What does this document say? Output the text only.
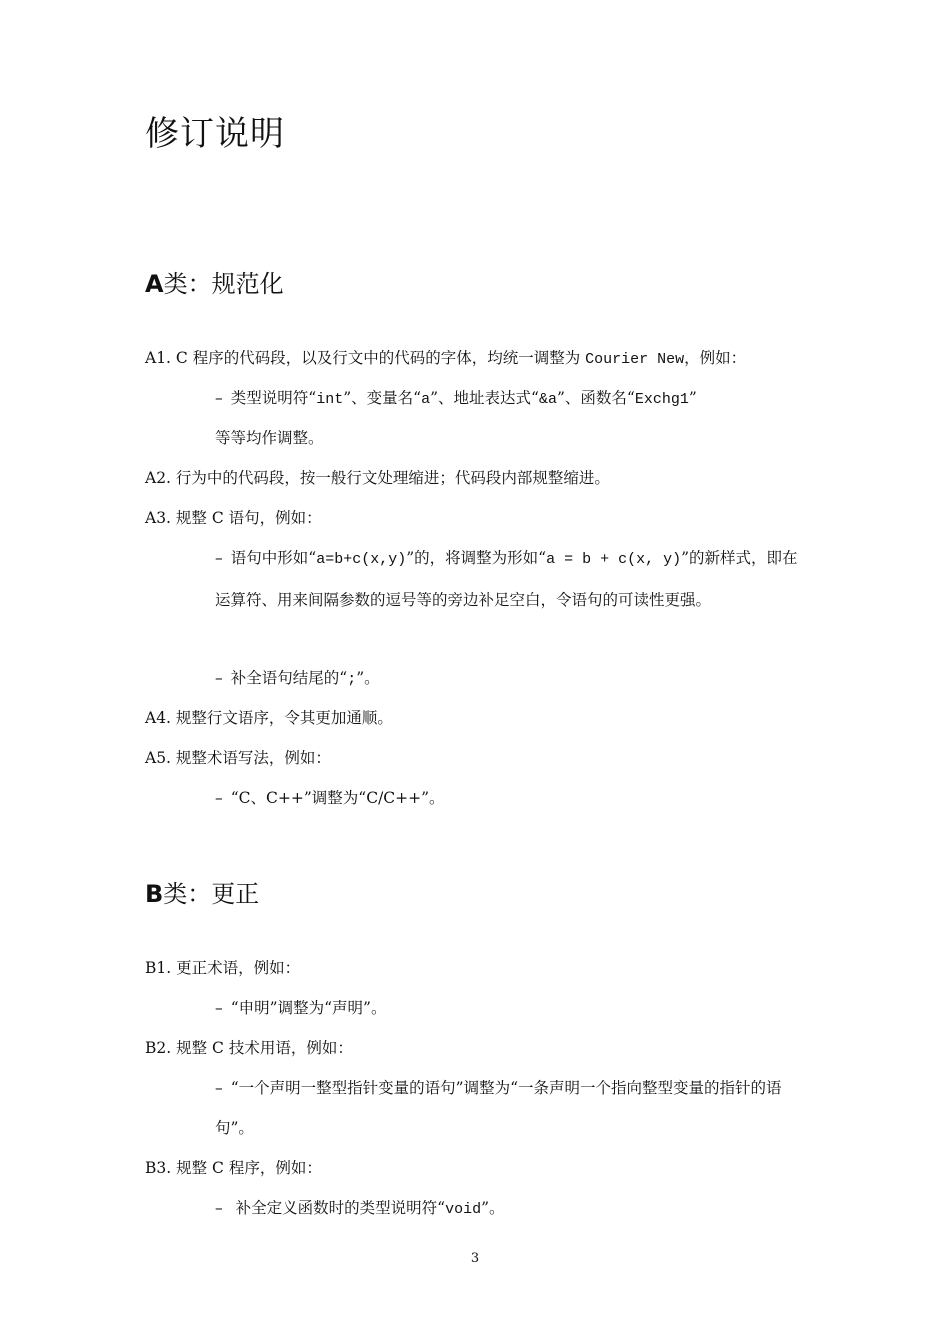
修订说明
A类：规范化

A1. C 程序的代码段，以及行文中的代码的字体，均统一调整为 Courier New，例如：

– 类型说明符“int”、变量名“a”、地址表达式“&a”、函数名“Exchg1”

等等均作调整。

A2. 行为中的代码段，按一般行文处理缩进；代码段内部规整缩进。

A3. 规整 C 语句，例如：

– 语句中形如“a=b+c(x,y)”的，将调整为形如“a = b + c(x, y)”的新样式，即在运算符、用来间隔参数的逗号等的旁边补足空白，令语句的可读性更强。

– 补全语句结尾的“;”。

A4. 规整行文语序，令其更加通顺。

A5. 规整术语写法，例如：

– “C、C++”调整为“C/C++”。

B类：更正

B1. 更正术语，例如：

– “申明”调整为“声明”。

B2. 规整 C 技术用语，例如：

– “一个声明一整型指针变量的语句”调整为“一条声明一个指向整型变量的指针的语句”。

B3. 规整 C 程序，例如：

– 补全定义函数时的类型说明符“void”。

3
